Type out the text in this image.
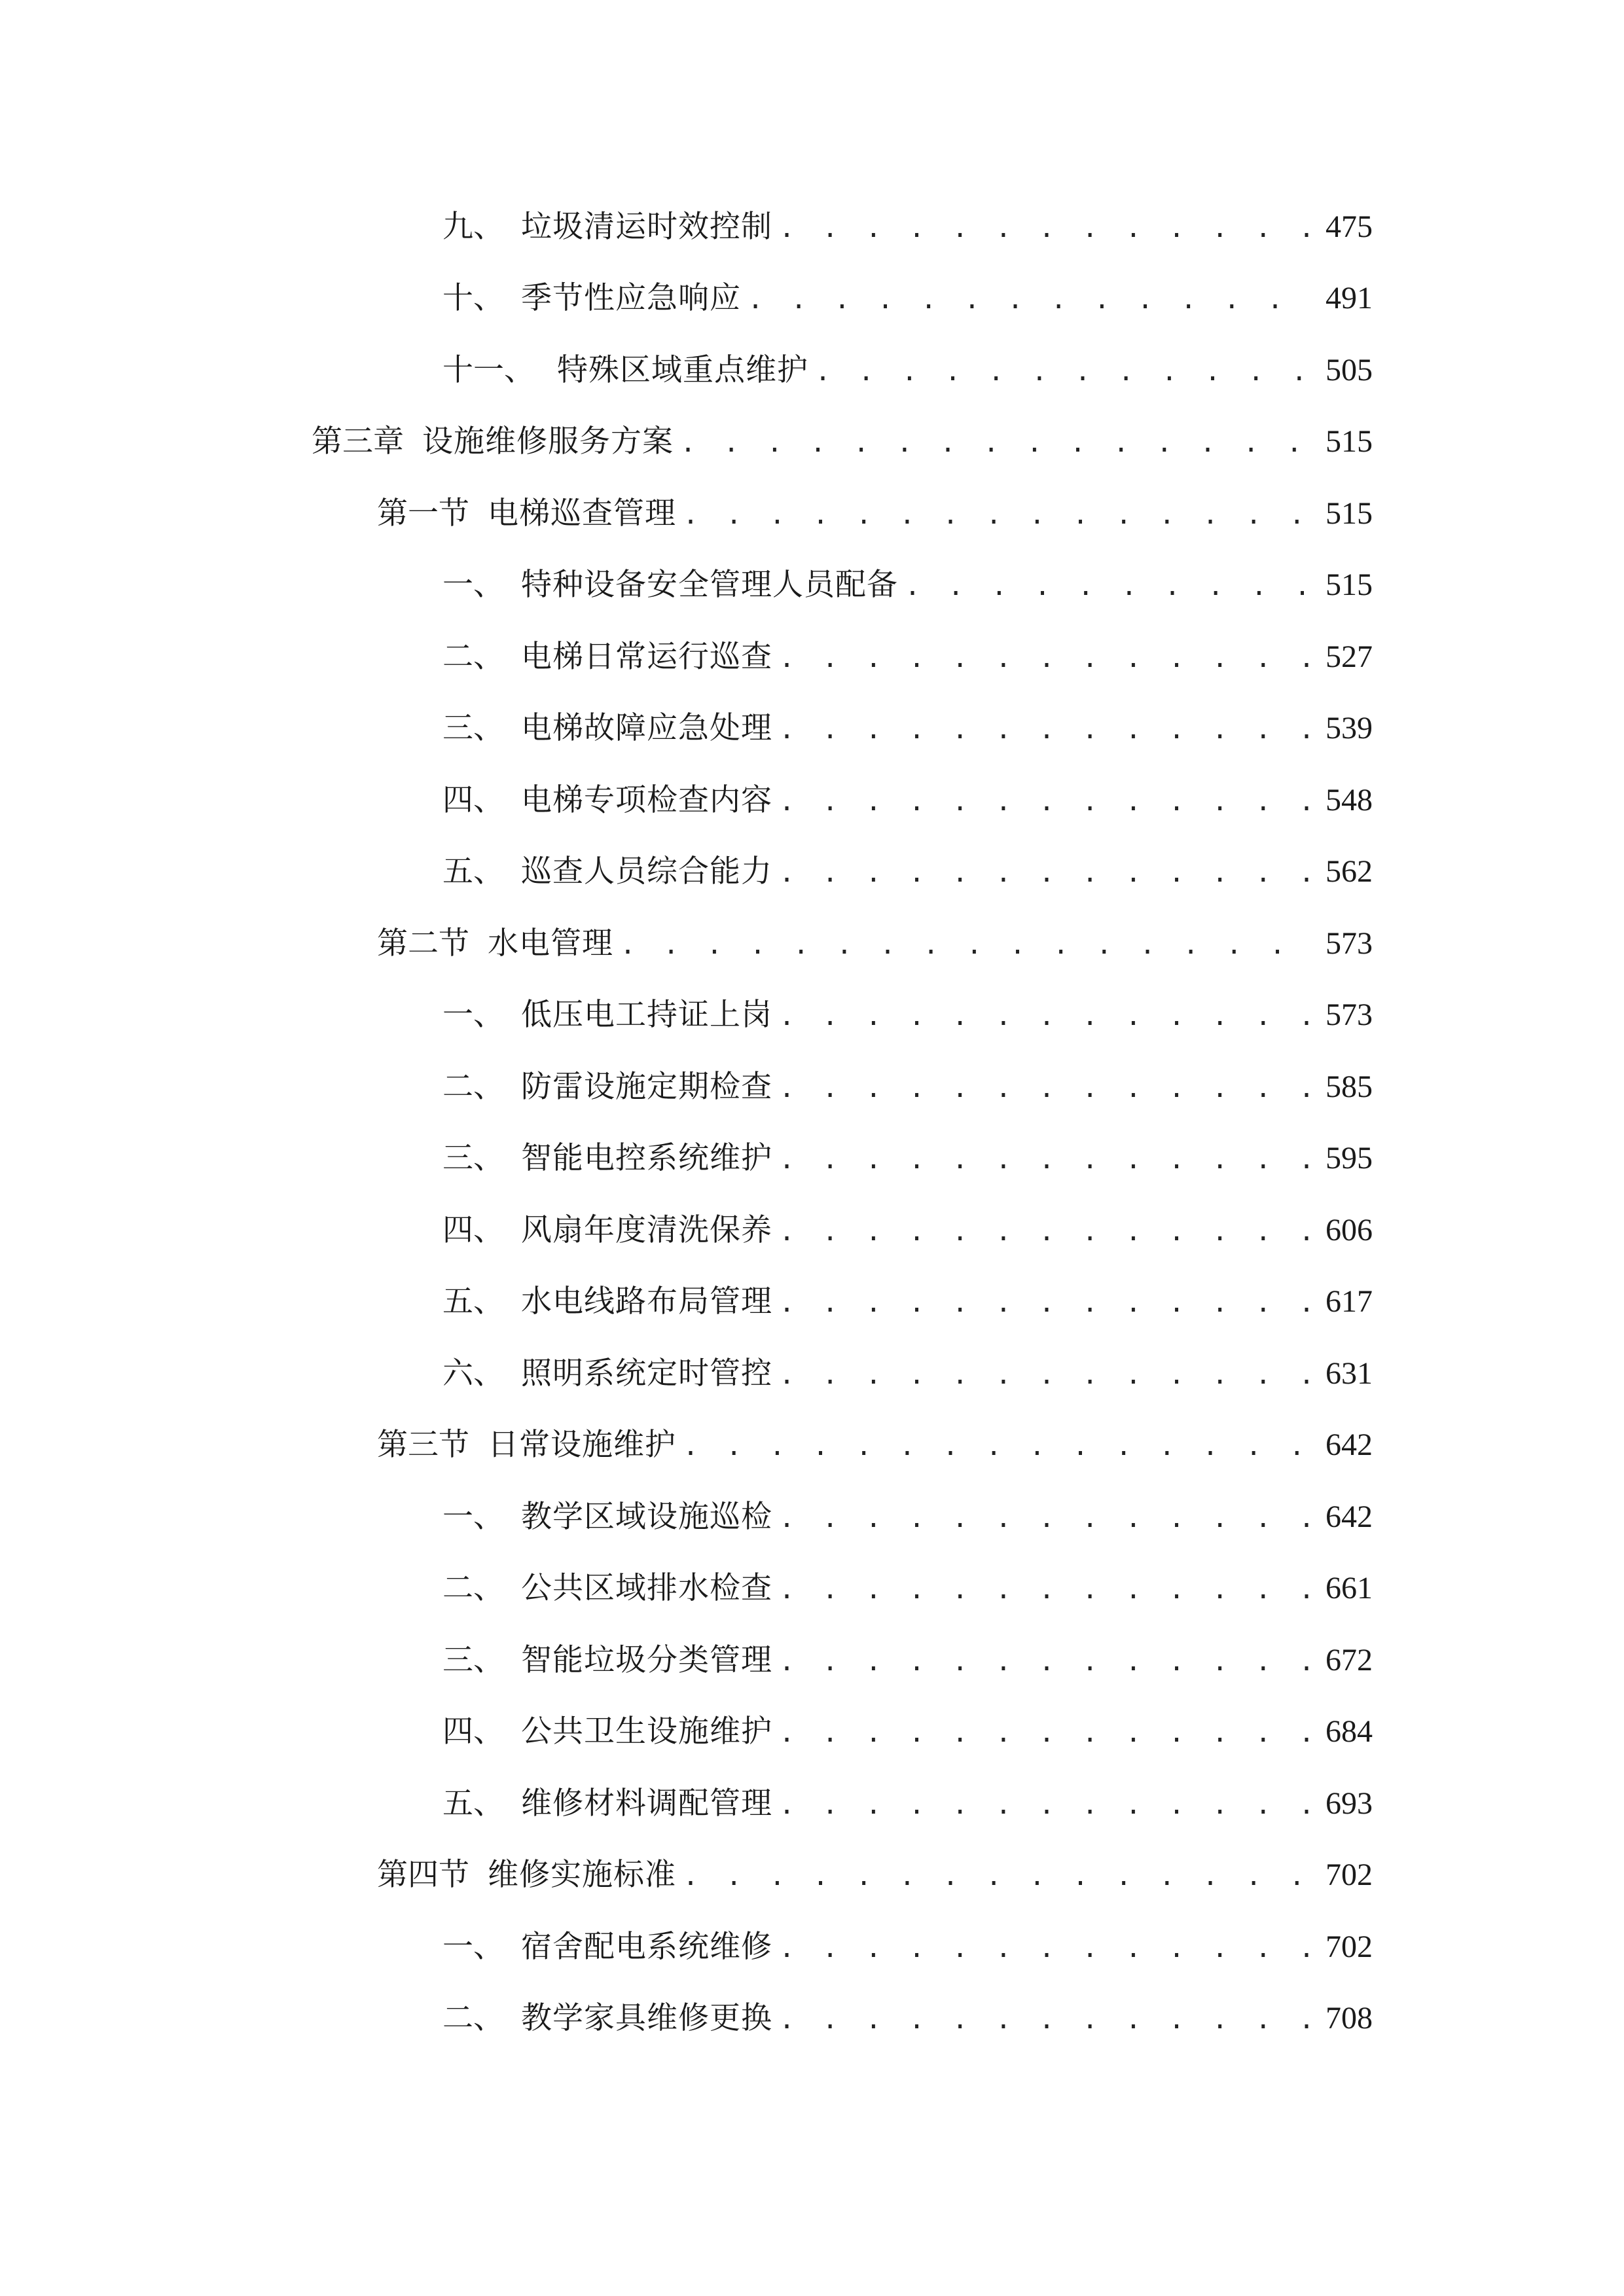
九、 垃圾清运时效控制 . . .	475
十、 季节性应急响应 . . .	491
十一、 特殊区域重点维护 . . .	505
第三章 设施维修服务方案 . . .	515
第一节 电梯巡查管理 . . .	515
一、 特种设备安全管理人员配备 . . .	515
二、 电梯日常运行巡查 . . .	527
三、 电梯故障应急处理 . . .	539
四、 电梯专项检查内容 . . .	548
五、 巡查人员综合能力 . . .	562
第二节 水电管理 . . .	573
一、 低压电工持证上岗 . . .	573
二、 防雷设施定期检查 . . .	585
三、 智能电控系统维护 . . .	595
四、 风扇年度清洗保养 . . .	606
五、 水电线路布局管理 . . .	617
六、 照明系统定时管控 . . .	631
第三节 日常设施维护 . . .	642
一、 教学区域设施巡检 . . .	642
二、 公共区域排水检查 . . .	661
三、 智能垃圾分类管理 . . .	672
四、 公共卫生设施维护 . . .	684
五、 维修材料调配管理 . . .	693
第四节 维修实施标准 . . .	702
一、 宿舍配电系统维修 . . .	702
二、 教学家具维修更换 . . .	708
